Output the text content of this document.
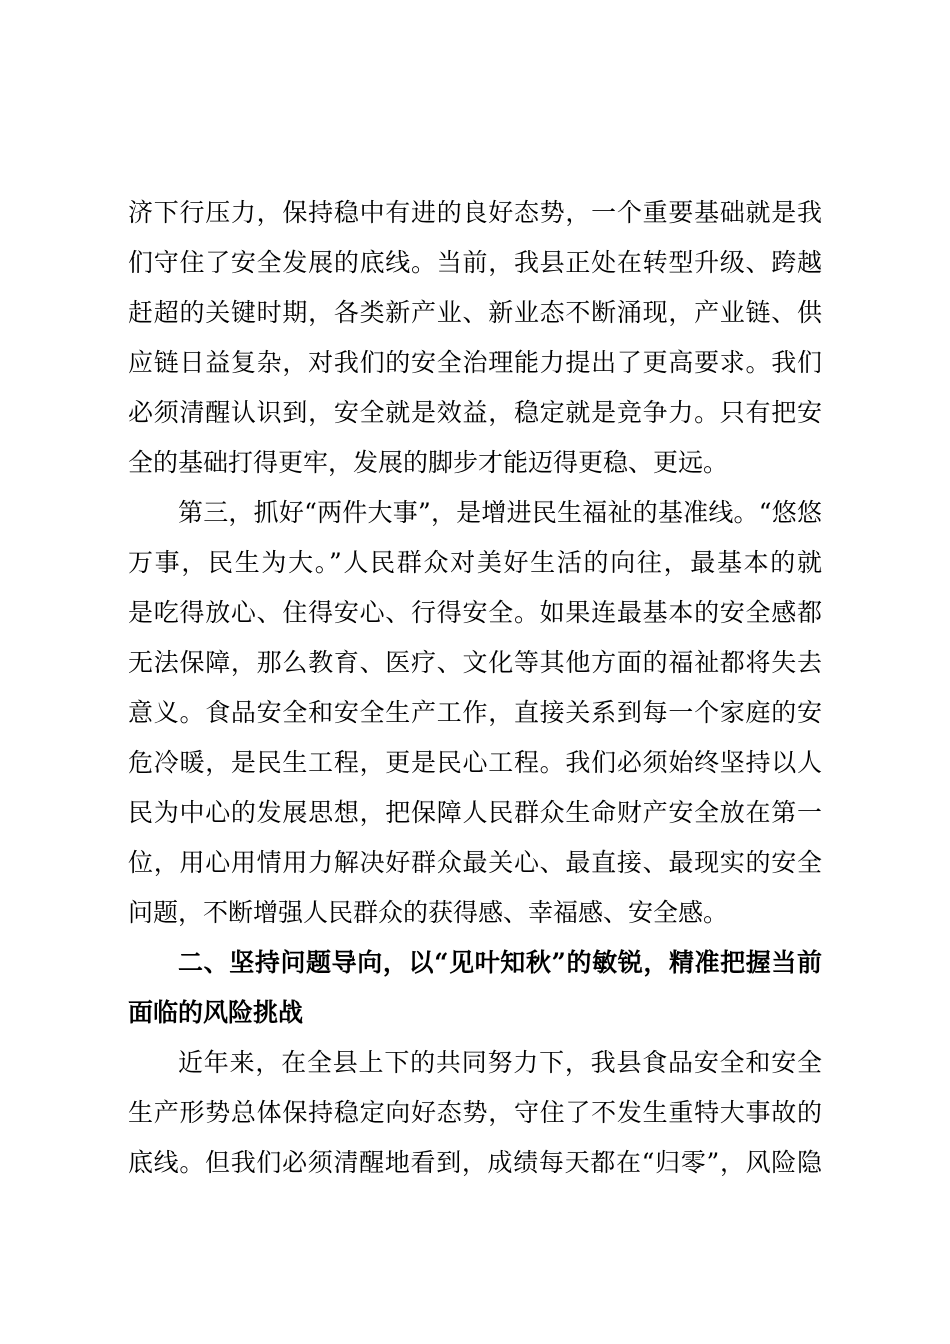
济下行压力，保持稳中有进的良好态势，一个重要基础就是我
们守住了安全发展的底线。当前，我县正处在转型升级、跨越
赶超的关键时期，各类新产业、新业态不断涌现，产业链、供
应链日益复杂，对我们的安全治理能力提出了更高要求。我们
必须清醒认识到，安全就是效益，稳定就是竞争力。只有把安
全的基础打得更牢，发展的脚步才能迈得更稳、更远。
第三，抓好“两件大事”，是增进民生福祉的基准线。“悠悠
万事，民生为大。”人民群众对美好生活的向往，最基本的就
是吃得放心、住得安心、行得安全。如果连最基本的安全感都
无法保障，那么教育、医疗、文化等其他方面的福祉都将失去
意义。食品安全和安全生产工作，直接关系到每一个家庭的安
危冷暖，是民生工程，更是民心工程。我们必须始终坚持以人
民为中心的发展思想，把保障人民群众生命财产安全放在第一
位，用心用情用力解决好群众最关心、最直接、最现实的安全
问题，不断增强人民群众的获得感、幸福感、安全感。
二、坚持问题导向，以“见叶知秋”的敏锐，精准把握当前
面临的风险挑战
近年来，在全县上下的共同努力下，我县食品安全和安全
生产形势总体保持稳定向好态势，守住了不发生重特大事故的
底线。但我们必须清醒地看到，成绩每天都在“归零”，风险隐
